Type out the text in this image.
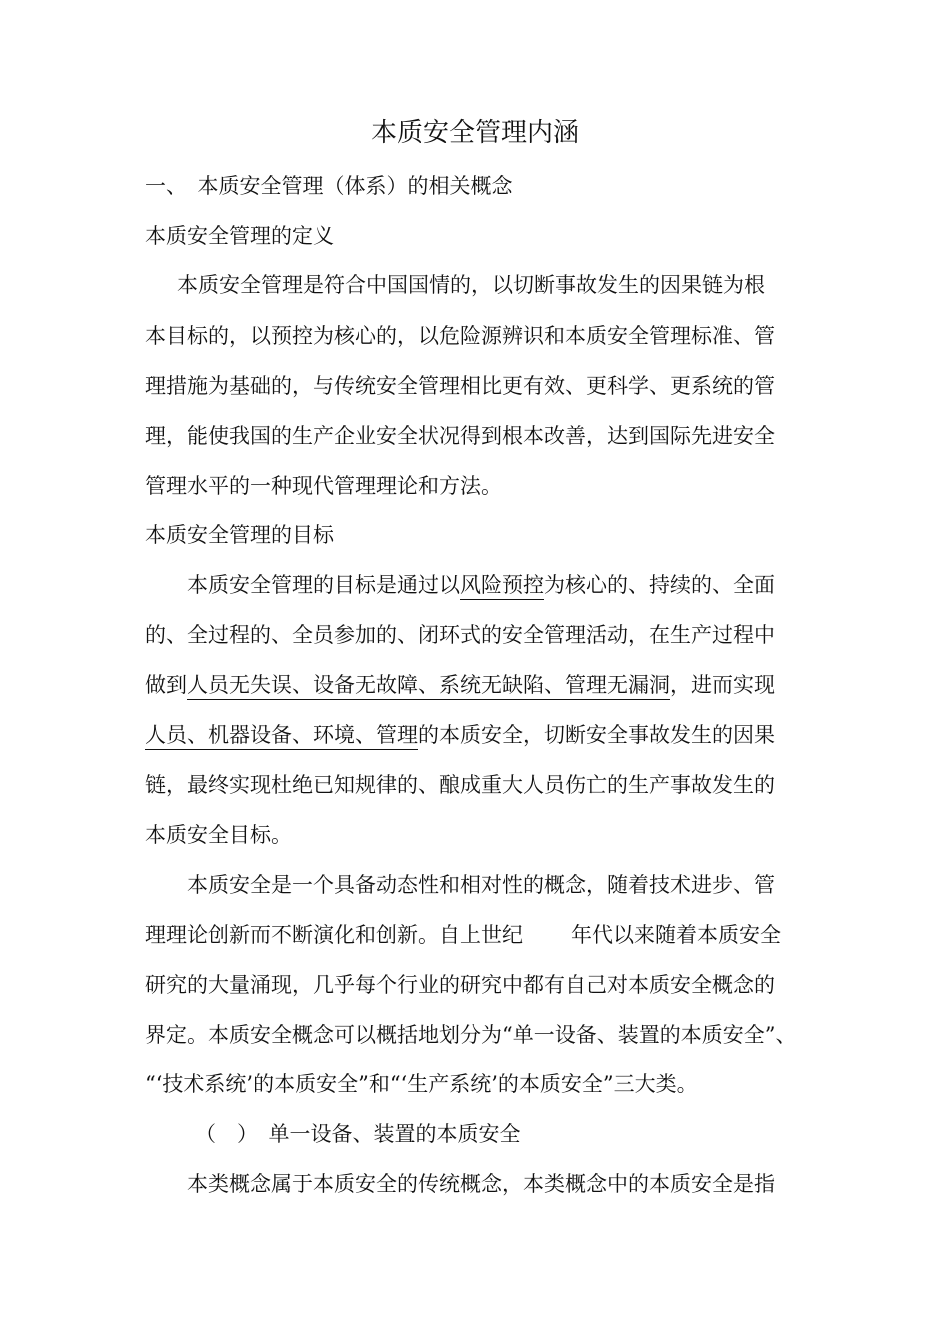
本质安全管理内涵

一、　本质安全管理（体系）的相关概念

本质安全管理的定义

本质安全管理是符合中国国情的，以切断事故发生的因果链为根

本目标的，以预控为核心的，以危险源辨识和本质安全管理标准、管

理措施为基础的，与传统安全管理相比更有效、更科学、更系统的管

理，能使我国的生产企业安全状况得到根本改善，达到国际先进安全

管理水平的一种现代管理理论和方法。

本质安全管理的目标

本质安全管理的目标是通过以风险预控为核心的、持续的、全面

的、全过程的、全员参加的、闭环式的安全管理活动，在生产过程中

做到人员无失误、设备无故障、系统无缺陷、管理无漏洞，进而实现

人员、机器设备、环境、管理的本质安全，切断安全事故发生的因果

链，最终实现杜绝已知规律的、酿成重大人员伤亡的生产事故发生的

本质安全目标。

本质安全是一个具备动态性和相对性的概念，随着技术进步、管

理理论创新而不断演化和创新。自上世纪 年代以来随着本质安全

研究的大量涌现，几乎每个行业的研究中都有自己对本质安全概念的

界定。本质安全概念可以概括地划分为“单一设备、装置的本质安全”、

“‘技术系统’的本质安全”和“‘生产系统’的本质安全”三大类。

（　）　单一设备、装置的本质安全

本类概念属于本质安全的传统概念，本类概念中的本质安全是指
